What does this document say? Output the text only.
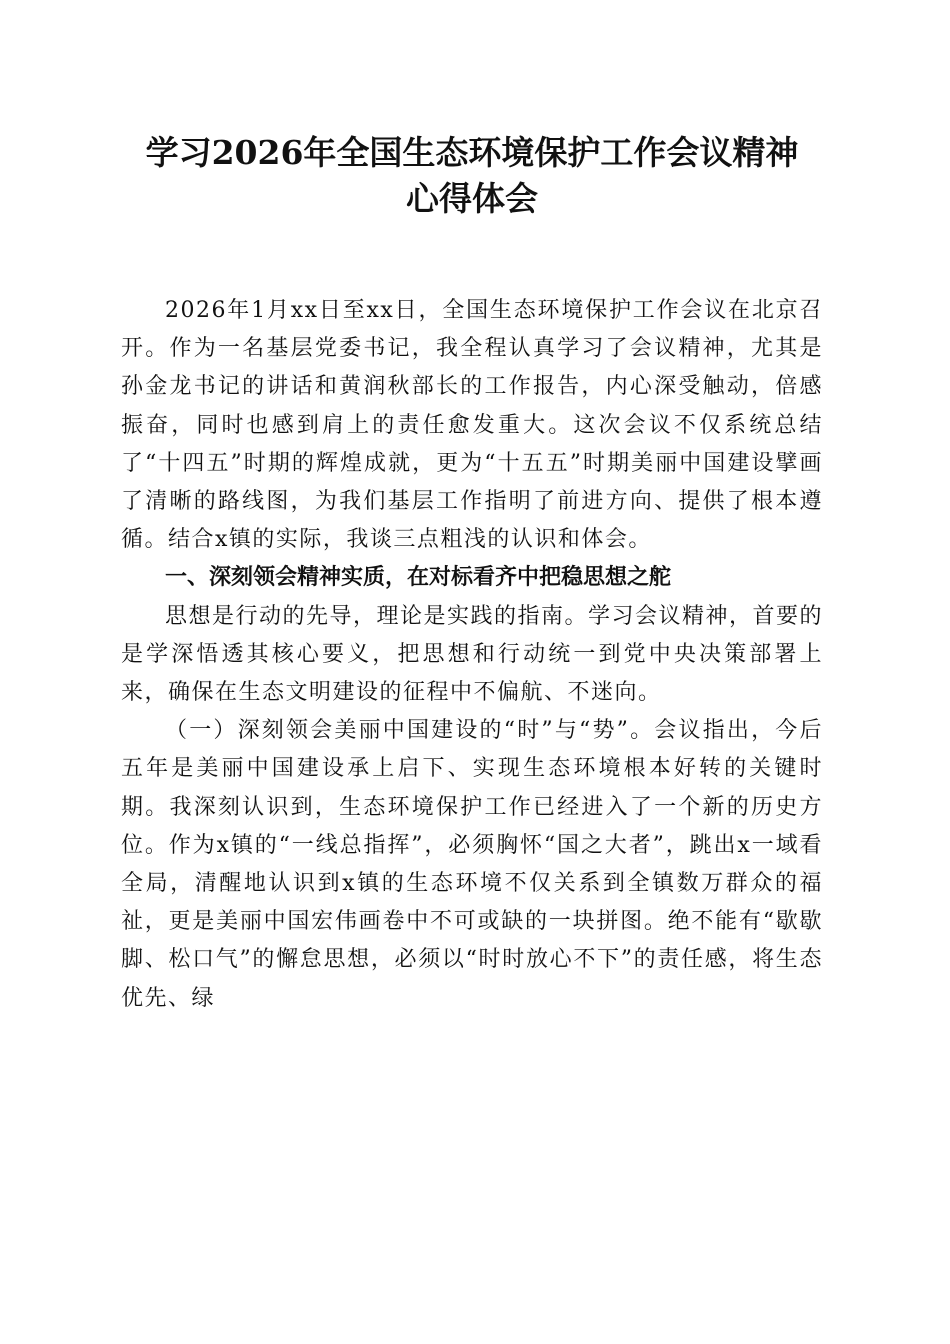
学习2026年全国生态环境保护工作会议精神
心得体会

2026年1月xx日至xx日，全国生态环境保护工作会议在北京召开。作为一名基层党委书记，我全程认真学习了会议精神，尤其是孙金龙书记的讲话和黄润秋部长的工作报告，内心深受触动，倍感振奋，同时也感到肩上的责任愈发重大。这次会议不仅系统总结了“十四五”时期的辉煌成就，更为“十五五”时期美丽中国建设擘画了清晰的路线图，为我们基层工作指明了前进方向、提供了根本遵循。结合x镇的实际，我谈三点粗浅的认识和体会。

一、深刻领会精神实质，在对标看齐中把稳思想之舵

思想是行动的先导，理论是实践的指南。学习会议精神，首要的是学深悟透其核心要义，把思想和行动统一到党中央决策部署上来，确保在生态文明建设的征程中不偏航、不迷向。

（一）深刻领会美丽中国建设的“时”与“势”。会议指出，今后五年是美丽中国建设承上启下、实现生态环境根本好转的关键时期。我深刻认识到，生态环境保护工作已经进入了一个新的历史方位。作为x镇的“一线总指挥”，必须胸怀“国之大者”，跳出x一域看全局，清醒地认识到x镇的生态环境不仅关系到全镇数万群众的福祉，更是美丽中国宏伟画卷中不可或缺的一块拼图。绝不能有“歇歇脚、松口气”的懈怠思想，必须以“时时放心不下”的责任感，将生态优先、绿
